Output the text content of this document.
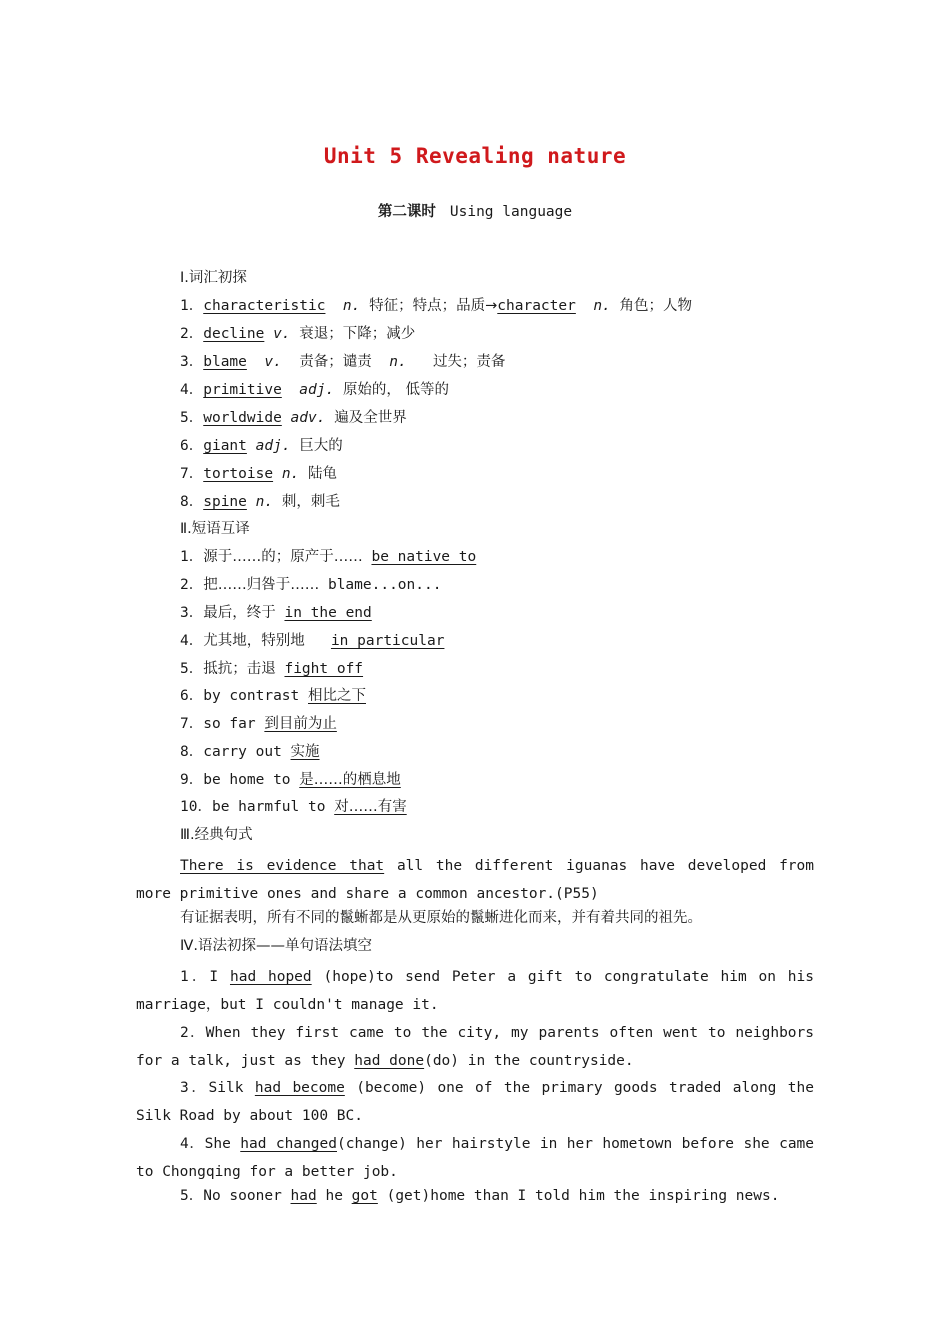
Unit 5 Revealing nature
第二课时 Using language
Ⅰ.词汇初探
1．characteristic n. 特征；特点；品质→character n. 角色；人物
2．decline v. 衰退；下降；减少
3．blame v. 责备；谴责 n. 过失；责备
4．primitive adj. 原始的， 低等的
5．worldwide adv. 遍及全世界
6．giant adj. 巨大的
7．tortoise n. 陆龟
8．spine n. 刺，刺毛
Ⅱ.短语互译
1．源于……的；原产于…… be native to
2．把……归咎于…… blame...on...
3．最后，终于 in the end
4．尤其地，特别地 in particular
5．抵抗；击退 fight off
6．by contrast 相比之下
7．so far 到目前为止
8．carry out 实施
9．be home to 是……的栖息地
10．be harmful to 对……有害
Ⅲ.经典句式
There is evidence that all the different iguanas have developed from more primitive ones and share a common ancestor.(P55)
有证据表明，所有不同的鬣蜥都是从更原始的鬣蜥进化而来，并有着共同的祖先。
Ⅳ.语法初探——单句语法填空
1．I had hoped (hope)to send Peter a gift to congratulate him on his marriage，but I couldn't manage it.
2．When they first came to the city, my parents often went to neighbors for a talk, just as they had done(do) in the countryside.
3．Silk had become (become) one of the primary goods traded along the Silk Road by about 100 BC.
4．She had changed(change) her hairstyle in her hometown before she came to Chongqing for a better job.
5．No sooner had he got (get)home than I told him the inspiring news.
